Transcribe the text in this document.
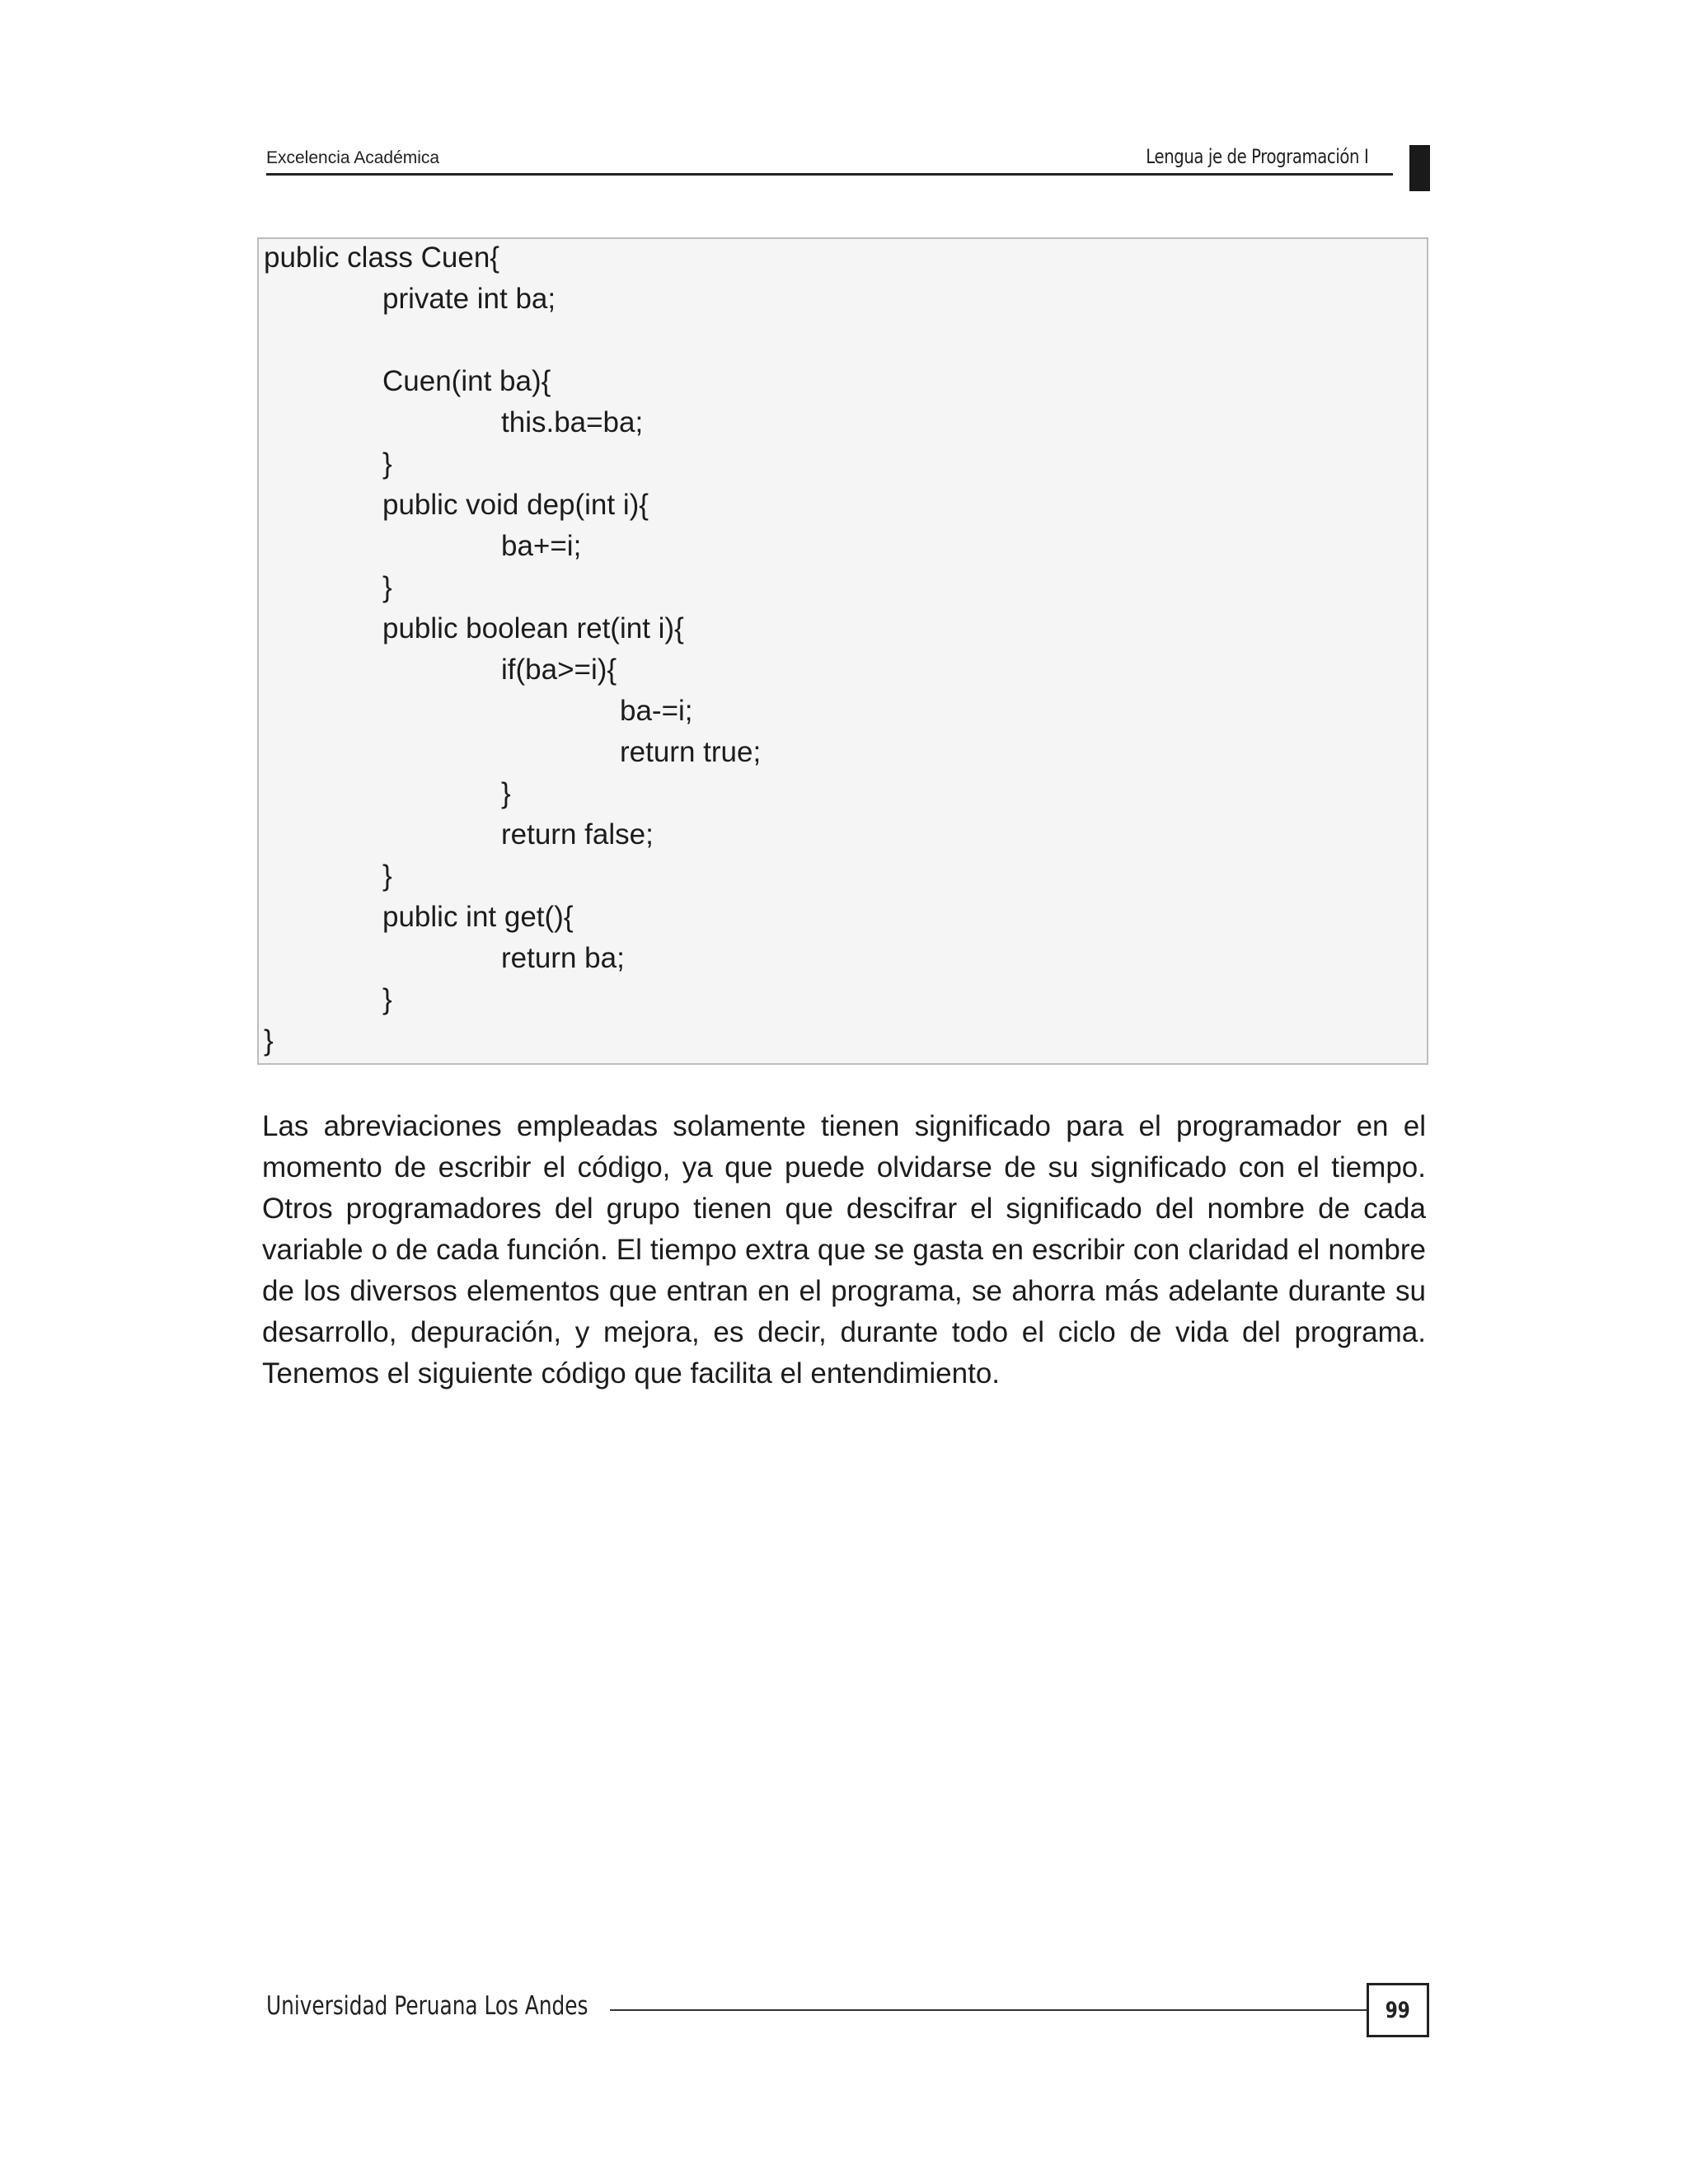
Excelencia Académica	Lengua je de Programación I
public class Cuen{
private int ba;
Cuen(int ba){
this.ba=ba;
}
public void dep(int i){
ba+=i;
}
public boolean ret(int i){
if(ba>=i){
ba-=i;
return true;
}
return false;
}
public int get(){
return ba;
}
}
Las abreviaciones empleadas solamente tienen significado para el programador en el
momento de escribir el código, ya que puede olvidarse de su significado con el tiempo.
Otros programadores del grupo tienen que descifrar el significado del nombre de cada
variable o de cada función. El tiempo extra que se gasta en escribir con claridad el nombre
de los diversos elementos que entran en el programa, se ahorra más adelante durante su
desarrollo, depuración, y mejora, es decir, durante todo el ciclo de vida del programa.
Tenemos el siguiente código que facilita el entendimiento.
Universidad Peruana Los Andes	99
